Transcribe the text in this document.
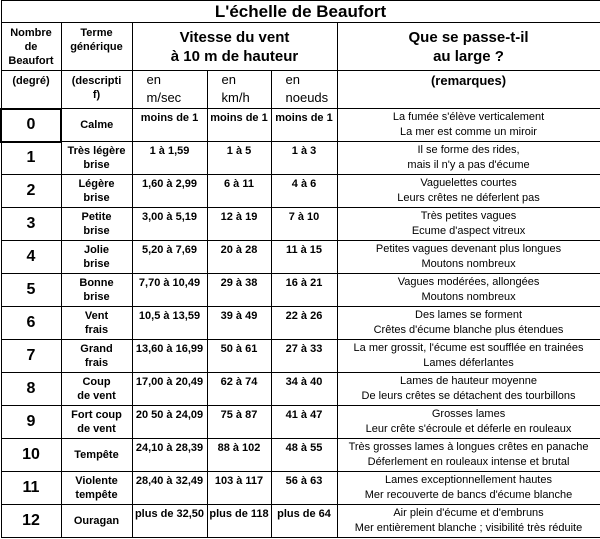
L'échelle de Beaufort					
Nombre
de
Beaufort	Terme
générique	Vitesse du vent
à 10 m de hauteur			Que se passe-t-il
au large ?
(degré)	(descripti
f)	en
m/sec	en
km/h	en
noeuds	(remarques)
0	Calme	moins de 1	moins de 1	moins de 1	La fumée s'élève verticalement
La mer est comme un miroir

1	Très légère
brise	1 à 1,59	1 à 5	1 à 3	Il se forme des rides,
mais il n'y a pas d'écume

2	Légère
brise	1,60 à 2,99	6 à 11	4 à 6	Vaguelettes courtes
Leurs crêtes ne déferlent pas

3	Petite
brise	3,00 à 5,19	12 à 19	7 à 10	Très petites vagues
Ecume d'aspect vitreux

4	Jolie
brise	5,20 à 7,69	20 à 28	11 à 15	Petites vagues devenant plus longues
Moutons nombreux

5	Bonne
brise	7,70 à 10,49	29 à 38	16 à 21	Vagues modérées, allongées
Moutons nombreux

6	Vent
frais	10,5 à 13,59	39 à 49	22 à 26	Des lames se forment
Crêtes d'écume blanche plus étendues

7	Grand
frais	13,60 à 16,99	50 à 61	27 à 33	La mer grossit, l'écume est soufflée en trainées
Lames déferlantes

8	Coup
de vent	17,00 à 20,49	62 à 74	34 à 40	Lames de hauteur moyenne
De leurs crêtes se détachent des tourbillons

9	Fort coup
de vent	20 50 à 24,09	75 à 87	41 à 47	Grosses lames
Leur crête s'écroule et déferle en rouleaux

10	Tempête	24,10 à 28,39	88 à 102	48 à 55	Très grosses lames à longues crêtes en panache
Déferlement en rouleaux intense et brutal

11	Violente
tempête	28,40 à 32,49	103 à 117	56 à 63	Lames exceptionnellement hautes
Mer recouverte de bancs d'écume blanche

12	Ouragan	plus de 32,50	plus de 118	plus de 64	Air plein d'écume et d'embruns
Mer entièrement blanche ; visibilité très réduite
